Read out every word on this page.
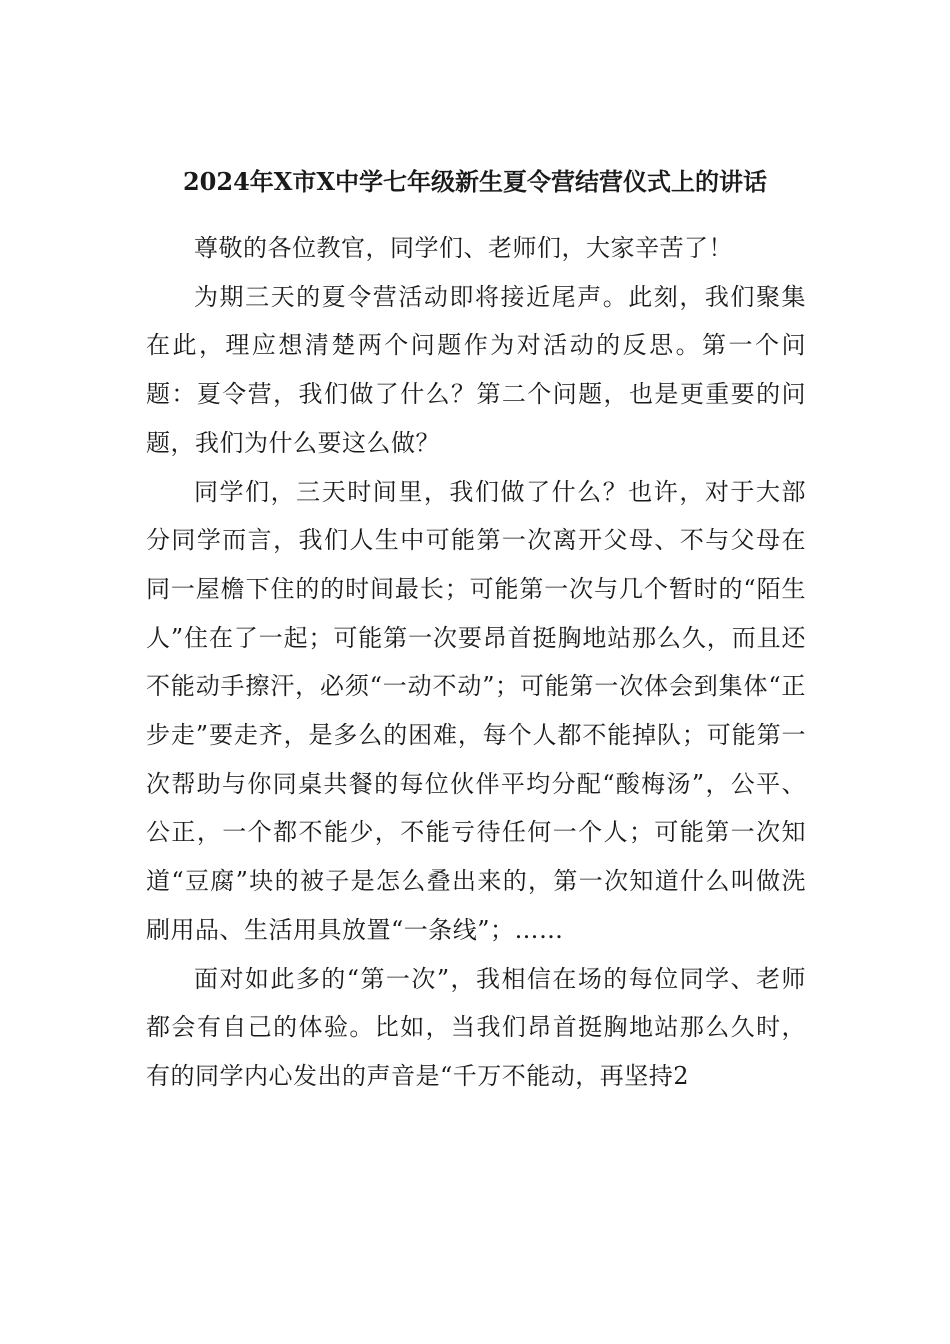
2024年X市X中学七年级新生夏令营结营仪式上的讲话

尊敬的各位教官，同学们、老师们，大家辛苦了！

为期三天的夏令营活动即将接近尾声。此刻，我们聚集在此，理应想清楚两个问题作为对活动的反思。第一个问题：夏令营，我们做了什么？第二个问题，也是更重要的问题，我们为什么要这么做？

同学们，三天时间里，我们做了什么？也许，对于大部分同学而言，我们人生中可能第一次离开父母、不与父母在同一屋檐下住的的时间最长；可能第一次与几个暂时的“陌生人”住在了一起；可能第一次要昂首挺胸地站那么久，而且还不能动手擦汗，必须“一动不动”；可能第一次体会到集体“正步走”要走齐，是多么的困难，每个人都不能掉队；可能第一次帮助与你同桌共餐的每位伙伴平均分配“酸梅汤”，公平、公正，一个都不能少，不能亏待任何一个人；可能第一次知道“豆腐”块的被子是怎么叠出来的，第一次知道什么叫做洗刷用品、生活用具放置“一条线”；……

面对如此多的“第一次”，我相信在场的每位同学、老师都会有自己的体验。比如，当我们昂首挺胸地站那么久时，有的同学内心发出的声音是“千万不能动，再坚持2
